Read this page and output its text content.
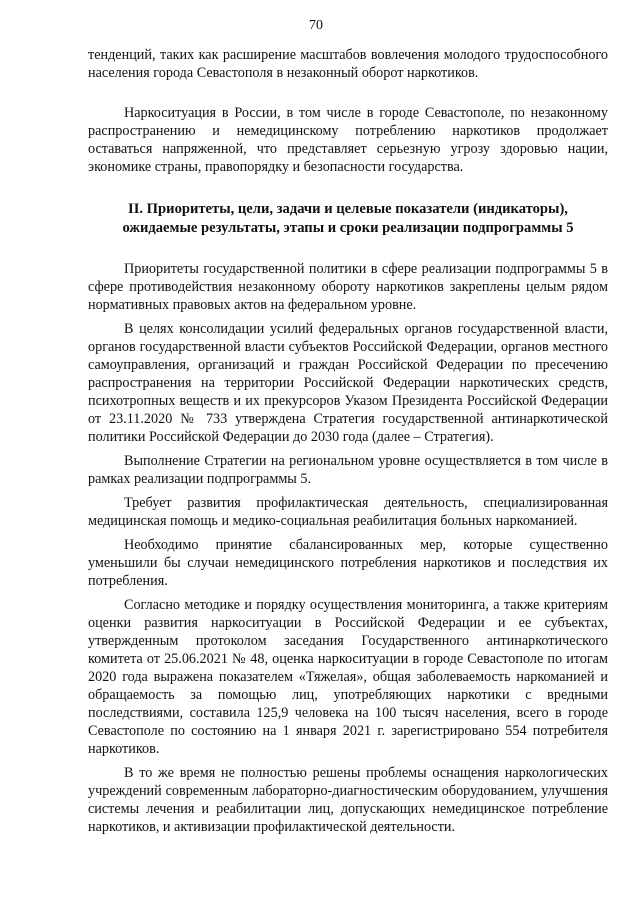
70

тенденций, таких как расширение масштабов вовлечения молодого трудоспособного населения города Севастополя в незаконный оборот наркотиков.

Наркоситуация в России, в том числе в городе Севастополе, по незаконному распространению и немедицинскому потреблению наркотиков продолжает оставаться напряженной, что представляет серьезную угрозу здоровью нации, экономике страны, правопорядку и безопасности государства.

II. Приоритеты, цели, задачи и целевые показатели (индикаторы),
ожидаемые результаты, этапы и сроки реализации подпрограммы 5

Приоритеты государственной политики в сфере реализации подпрограммы 5 в сфере противодействия незаконному обороту наркотиков закреплены целым рядом нормативных правовых актов на федеральном уровне.

В целях консолидации усилий федеральных органов государственной власти, органов государственной власти субъектов Российской Федерации, органов местного самоуправления, организаций и граждан Российской Федерации по пресечению распространения на территории Российской Федерации наркотических средств, психотропных веществ и их прекурсоров Указом Президента Российской Федерации от 23.11.2020 № 733 утверждена Стратегия государственной антинаркотической политики Российской Федерации до 2030 года (далее – Стратегия).

Выполнение Стратегии на региональном уровне осуществляется в том числе в рамках реализации подпрограммы 5.

Требует развития профилактическая деятельность, специализированная медицинская помощь и медико-социальная реабилитация больных наркоманией.

Необходимо принятие сбалансированных мер, которые существенно уменьшили бы случаи немедицинского потребления наркотиков и последствия их потребления.

Согласно методике и порядку осуществления мониторинга, а также критериям оценки развития наркоситуации в Российской Федерации и ее субъектах, утвержденным протоколом заседания Государственного антинаркотического комитета от 25.06.2021 № 48, оценка наркоситуации в городе Севастополе по итогам 2020 года выражена показателем «Тяжелая», общая заболеваемость наркоманией и обращаемость за помощью лиц, употребляющих наркотики с вредными последствиями, составила 125,9 человека на 100 тысяч населения, всего в городе Севастополе по состоянию на 1 января 2021 г. зарегистрировано 554 потребителя наркотиков.

В то же время не полностью решены проблемы оснащения наркологических учреждений современным лабораторно-диагностическим оборудованием, улучшения системы лечения и реабилитации лиц, допускающих немедицинское потребление наркотиков, и активизации профилактической деятельности.
